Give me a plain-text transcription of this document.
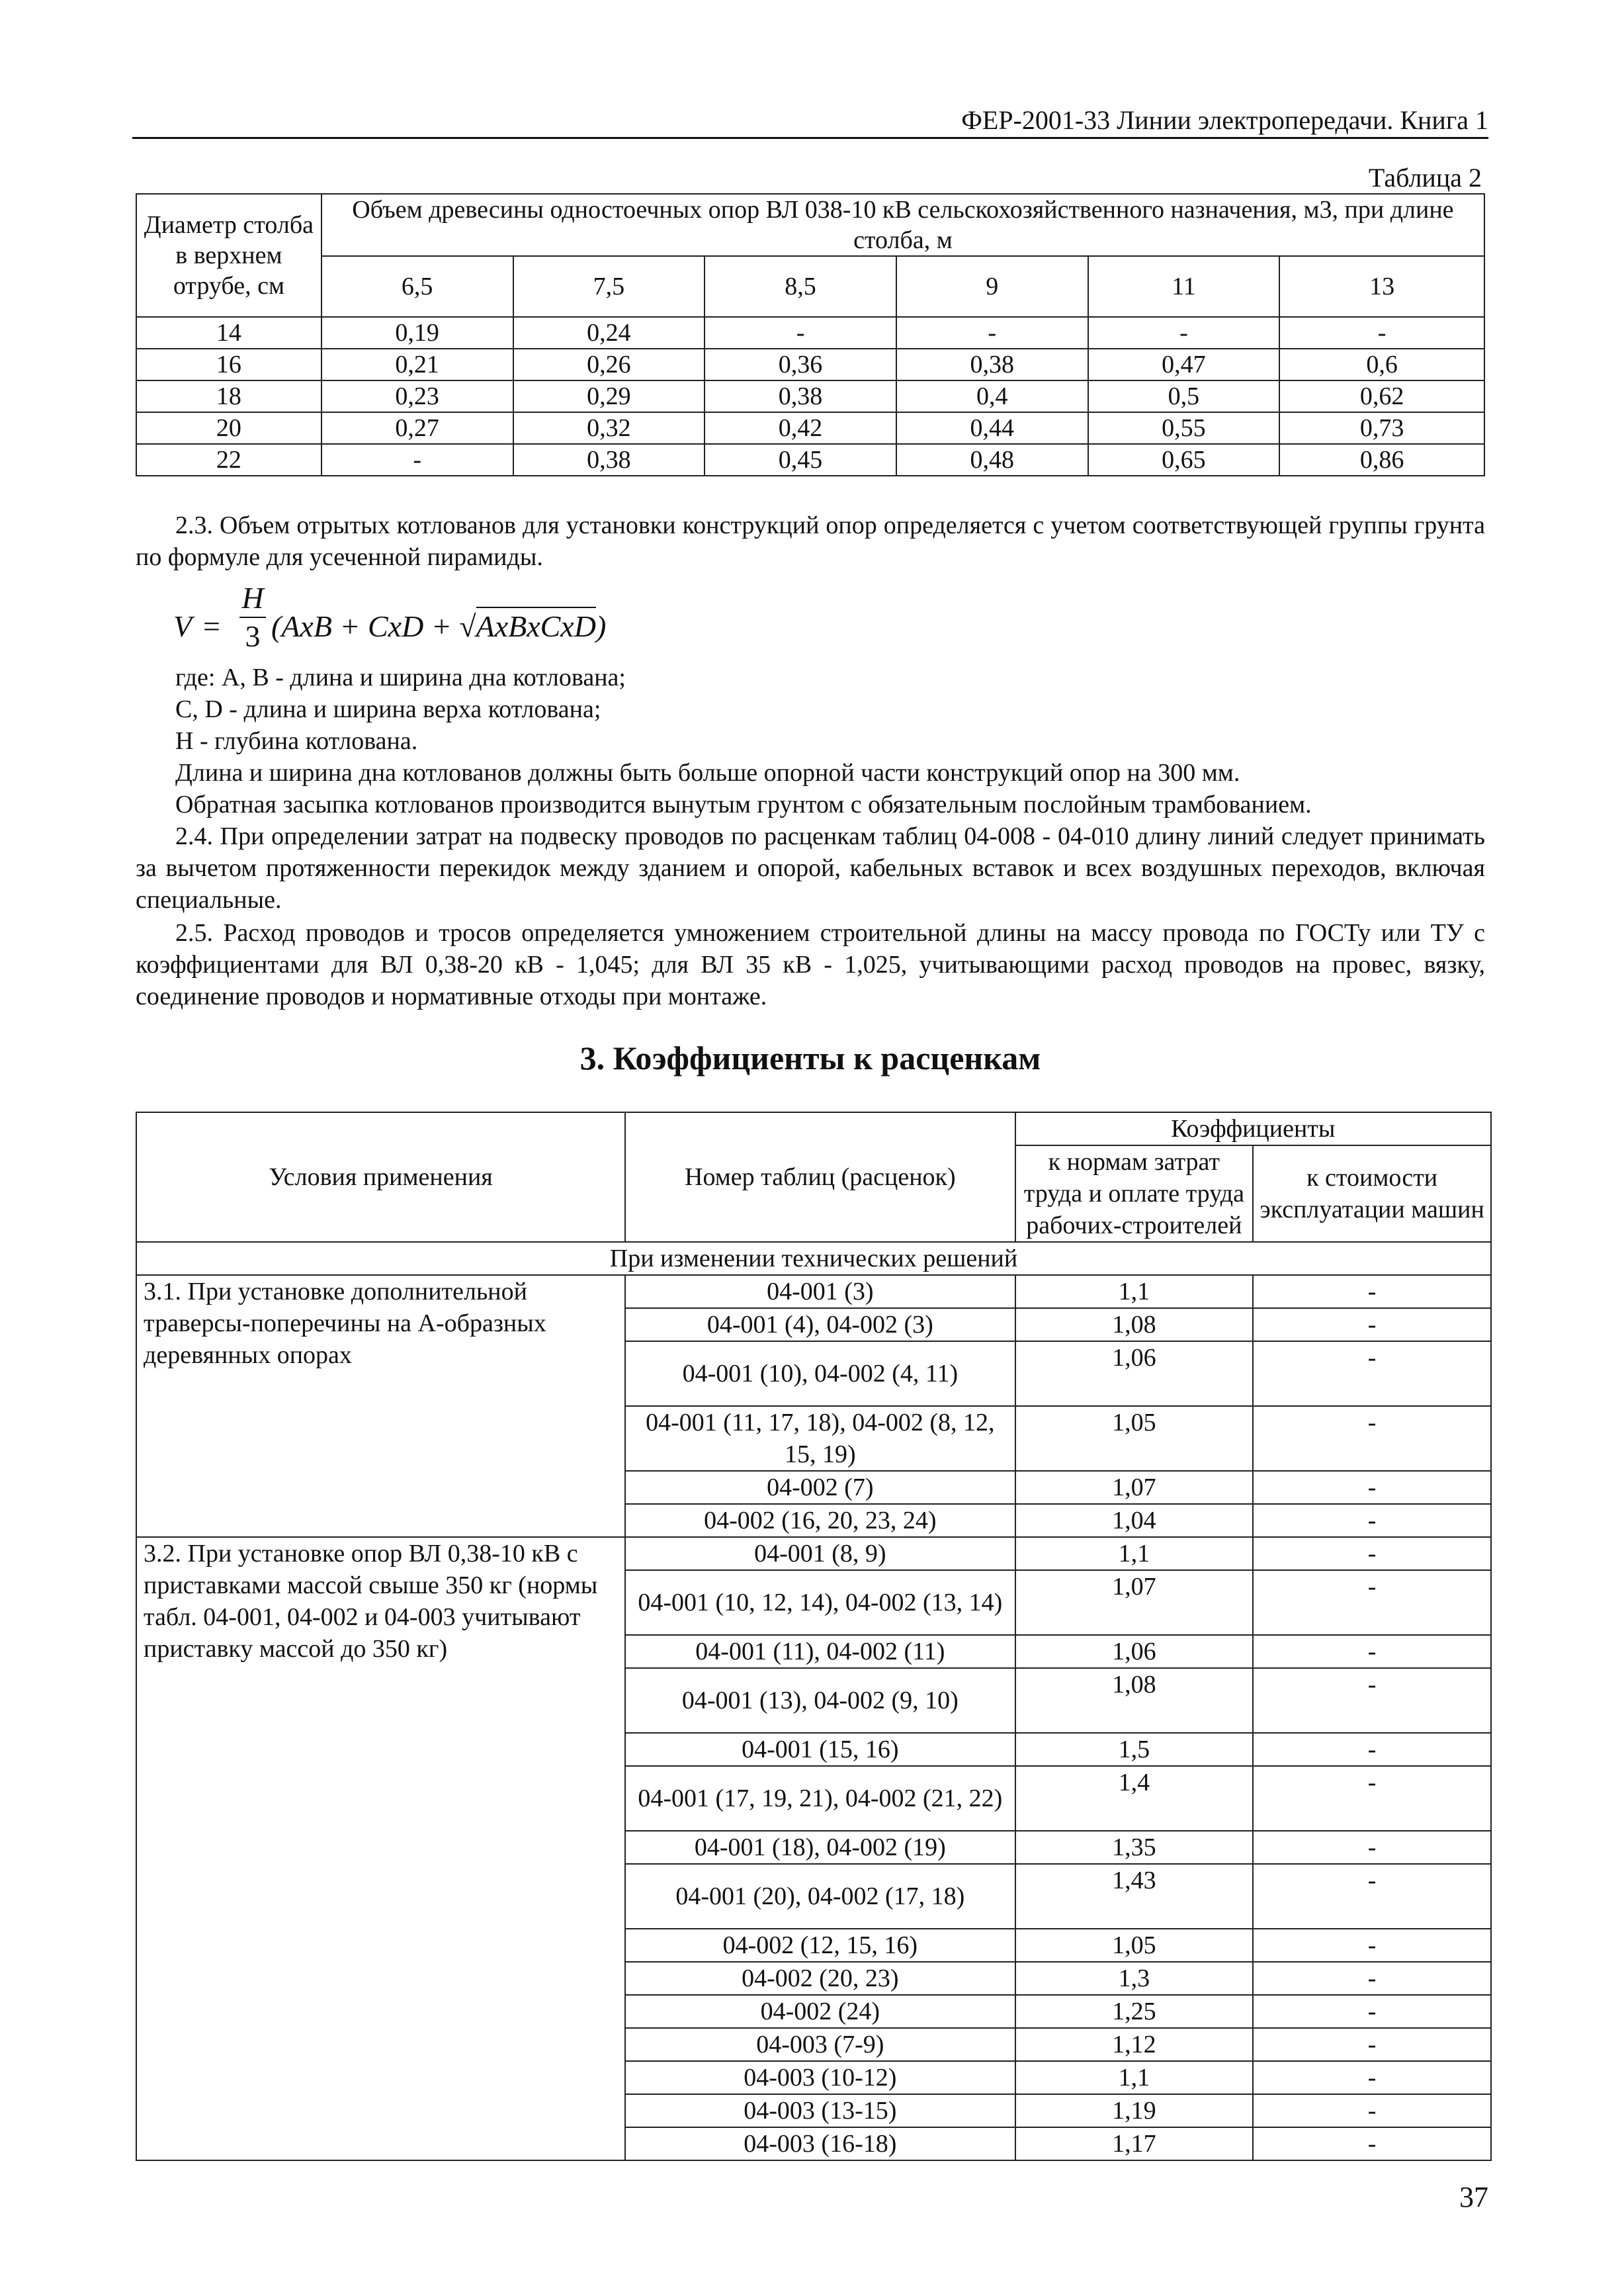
ФЕР-2001-33 Линии электропередачи. Книга 1
Таблица 2
Диаметр столба в верхнем отрубе, см	Объем древесины одностоечных опор ВЛ 038-10 кВ сельскохозяйственного назначения, м3, при длине столба, м					
	6,5	7,5	8,5	9	11	13
14	0,19	0,24	-	-	-	-
16	0,21	0,26	0,36	0,38	0,47	0,6
18	0,23	0,29	0,38	0,4	0,5	0,62
20	0,27	0,32	0,42	0,44	0,55	0,73
22	-	0,38	0,45	0,48	0,65	0,86
2.3. Объем отрытых котлованов для установки конструкций опор определяется с учетом соответствующей группы грунта по формуле для усеченной пирамиды.
V =
H
3 (AxB + CxD + √AxBxCxD)
где: А, В - длина и ширина дна котлована;
С, D - длина и ширина верха котлована;
Н - глубина котлована.
Длина и ширина дна котлованов должны быть больше опорной части конструкций опор на 300 мм.
Обратная засыпка котлованов производится вынутым грунтом с обязательным послойным трамбованием.
2.4. При определении затрат на подвеску проводов по расценкам таблиц 04-008 - 04-010 длину линий следует принимать за вычетом протяженности перекидок между зданием и опорой, кабельных вставок и всех воздушных переходов, включая специальные.
2.5. Расход проводов и тросов определяется умножением строительной длины на массу провода по ГОСТу или ТУ с коэффициентами для ВЛ 0,38-20 кВ - 1,045; для ВЛ 35 кВ - 1,025, учитывающими расход проводов на провес, вязку, соединение проводов и нормативные отходы при монтаже.
3. Коэффициенты к расценкам
Условия применения	Номер таблиц (расценок)	Коэффициенты	
		к нормам затрат труда и оплате труда рабочих-строителей	к стоимости эксплуатации машин
При изменении технических решений			
3.1. При установке дополнительной траверсы-поперечины на А-образных деревянных опорах	04-001 (3)	1,1	-
	04-001 (4), 04-002 (3)	1,08	-
	04-001 (10), 04-002 (4, 11)	1,06	-
	04-001 (11, 17, 18), 04-002 (8, 12, 15, 19)	1,05	-
	04-002 (7)	1,07	-
	04-002 (16, 20, 23, 24)	1,04	-
3.2. При установке опор ВЛ 0,38-10 кВ с приставками массой свыше 350 кг (нормы табл. 04-001, 04-002 и 04-003 учитывают приставку массой до 350 кг)	04-001 (8, 9)	1,1	-
	04-001 (10, 12, 14), 04-002 (13, 14)	1,07	-
	04-001 (11), 04-002 (11)	1,06	-
	04-001 (13), 04-002 (9, 10)	1,08	-
	04-001 (15, 16)	1,5	-
	04-001 (17, 19, 21), 04-002 (21, 22)	1,4	-
	04-001 (18), 04-002 (19)	1,35	-
	04-001 (20), 04-002 (17, 18)	1,43	-
	04-002 (12, 15, 16)	1,05	-
	04-002 (20, 23)	1,3	-
	04-002 (24)	1,25	-
	04-003 (7-9)	1,12	-
	04-003 (10-12)	1,1	-
	04-003 (13-15)	1,19	-
	04-003 (16-18)	1,17	-
37
